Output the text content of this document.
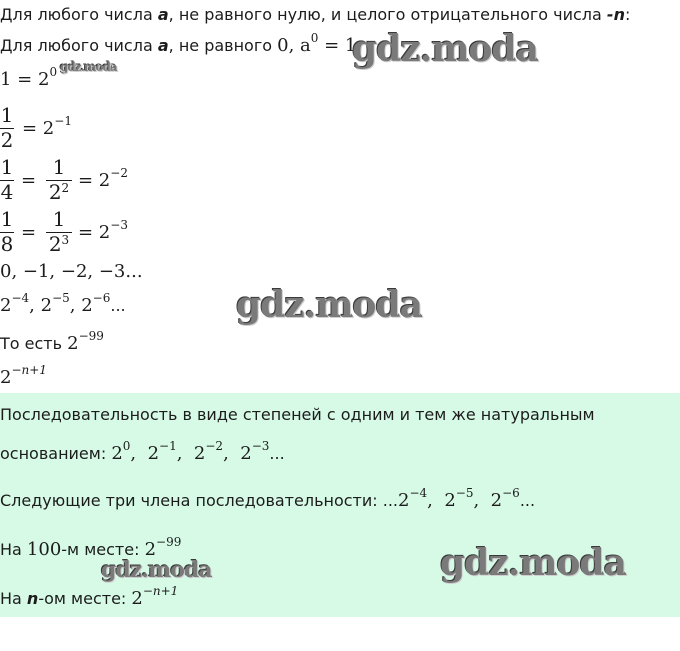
Для любого числа a, не равного нулю, и целого отрицательного числа -n:
Для любого числа a, не равного 0, $a^0 = 1$
$1 = 2^0$
1
$2 = 2^{-1}$
1
4 =
1
$2^2 = 2^{-2}$
1
8 =
1
$2^3 = 2^{-3}$
0, −1, −2, −3...
$2^{-4}$, $2^{-5}$, $2^{-6}$...
То есть $2^{-99}$
$2^{-n+1}$
Последовательность в виде степеней с одним и тем же натуральным
основанием: $2^0$,  $2^{-1}$,  $2^{-2}$,  $2^{-3}$...
Следующие три члена последовательности: $...2^{-4}$,  $2^{-5}$,  $2^{-6}$...
На 100-м месте: $2^{-99}$
На n-ом месте: $2^{-n+1}$
gdz.moda
gdz.moda
gdz.moda
gdz.moda
gdz.moda
